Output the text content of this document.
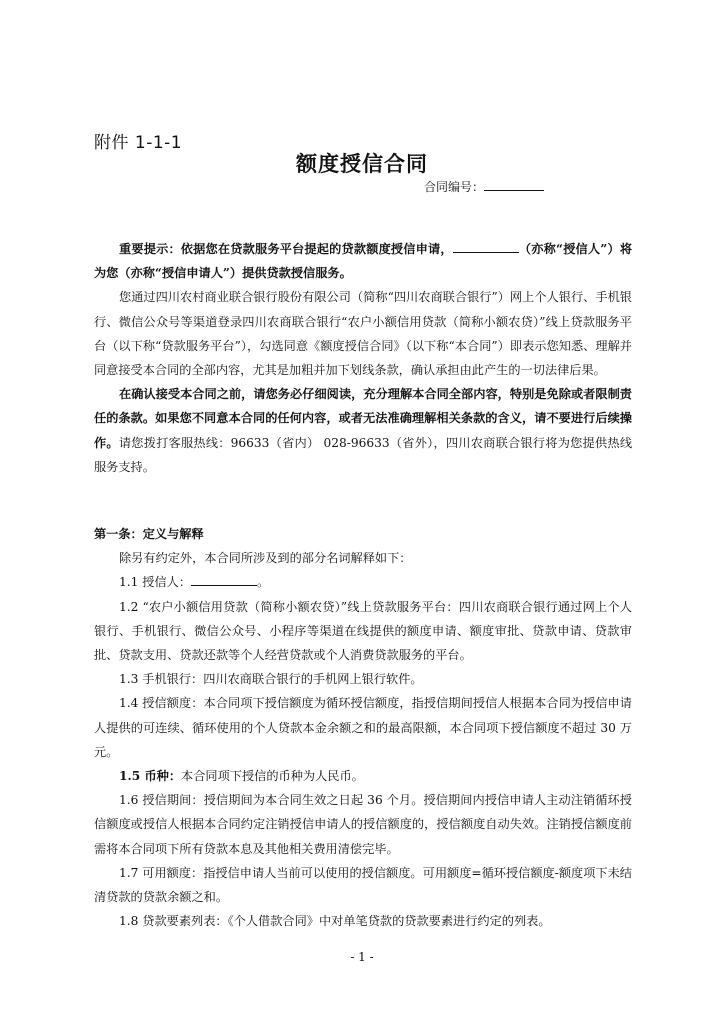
附件 1-1-1
额度授信合同
合同编号：

重要提示：依据您在贷款服务平台提起的贷款额度授信申请，	（亦称“授信人”）将为您（亦称“授信申请人”）提供贷款授信服务。

您通过四川农村商业联合银行股份有限公司（简称“四川农商联合银行”）网上个人银行、手机银行、微信公众号等渠道登录四川农商联合银行“农户小额信用贷款（简称小额农贷）”线上贷款服务平台（以下称“贷款服务平台”），勾选同意《额度授信合同》（以下称“本合同”）即表示您知悉、理解并同意接受本合同的全部内容，尤其是加粗并加下划线条款，确认承担由此产生的一切法律后果。

在确认接受本合同之前，请您务必仔细阅读，充分理解本合同全部内容，特别是免除或者限制责任的条款。如果您不同意本合同的任何内容，或者无法准确理解相关条款的含义，请不要进行后续操作。请您拨打客服热线：96633（省内） 028-96633（省外），四川农商联合银行将为您提供热线服务支持。

第一条：定义与解释

除另有约定外，本合同所涉及到的部分名词解释如下：

1.1 授信人：	。

1.2 “农户小额信用贷款（简称小额农贷）”线上贷款服务平台：四川农商联合银行通过网上个人银行、手机银行、微信公众号、小程序等渠道在线提供的额度申请、额度审批、贷款申请、贷款审批、贷款支用、贷款还款等个人经营贷款或个人消费贷款服务的平台。

1.3 手机银行：四川农商联合银行的手机网上银行软件。

1.4 授信额度：本合同项下授信额度为循环授信额度，指授信期间授信人根据本合同为授信申请人提供的可连续、循环使用的个人贷款本金余额之和的最高限额，本合同项下授信额度不超过 30 万元。

1.5 币种：本合同项下授信的币种为人民币。

1.6 授信期间：授信期间为本合同生效之日起 36 个月。授信期间内授信申请人主动注销循环授信额度或授信人根据本合同约定注销授信申请人的授信额度的，授信额度自动失效。注销授信额度前需将本合同项下所有贷款本息及其他相关费用清偿完毕。

1.7 可用额度：指授信申请人当前可以使用的授信额度。可用额度=循环授信额度-额度项下未结清贷款的贷款余额之和。

1.8 贷款要素列表：《个人借款合同》中对单笔贷款的贷款要素进行约定的列表。

- 1 -
